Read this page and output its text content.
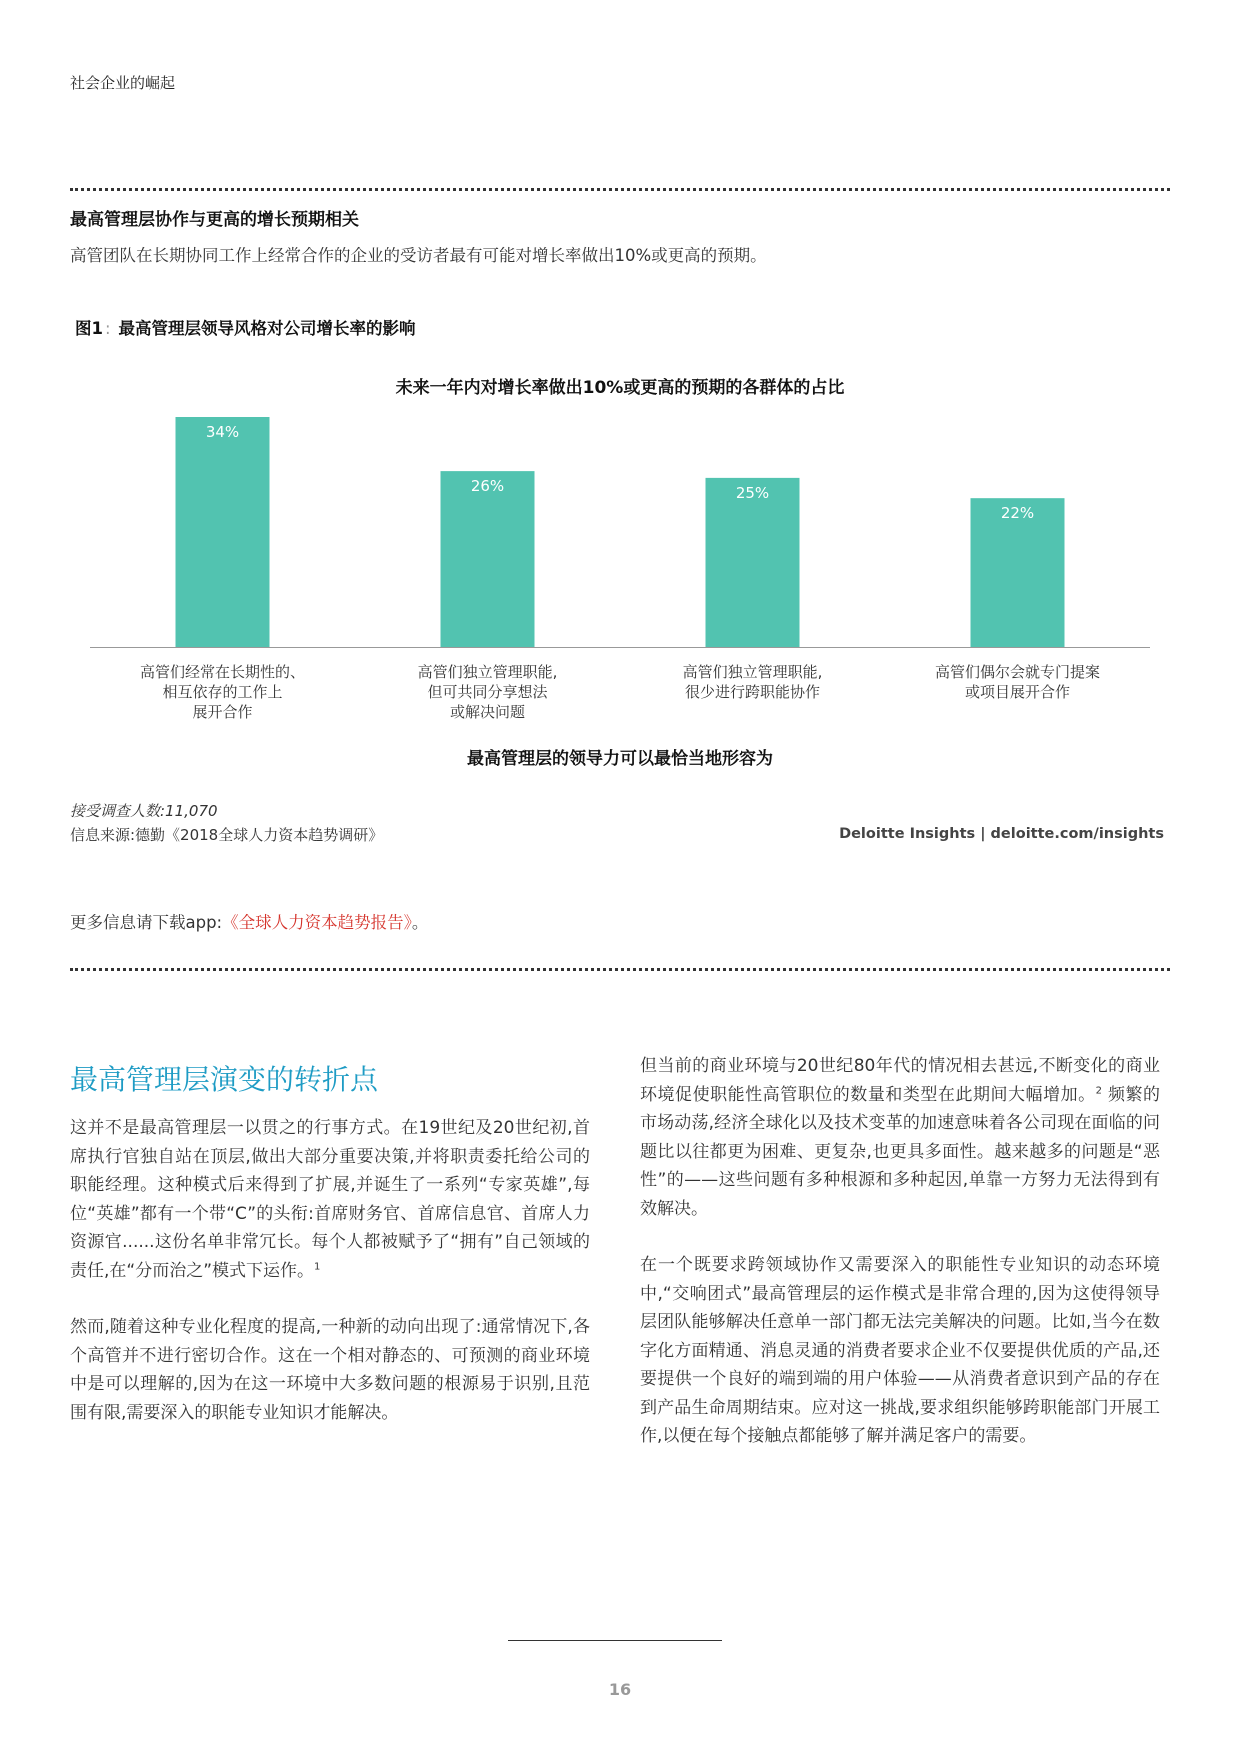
社会企业的崛起
最高管理层协作与更高的增长预期相关
高管团队在长期协同工作上经常合作的企业的受访者最有可能对增长率做出10%或更高的预期。
图1 : 最高管理层领导风格对公司增长率的影响
未来一年内对增长率做出10%或更高的预期的各群体的占比
34%
高管们经常在长期性的、相互依存的工作上展开合作
26%
高管们独立管理职能,但可共同分享想法或解决问题
25%
高管们独立管理职能,很少进行跨职能协作
22%
高管们偶尔会就专门提案或项目展开合作
最高管理层的领导力可以最恰当地形容为
接受调查人数:11,070
信息来源:德勤《2018全球人力资本趋势调研》	Deloitte Insights | deloitte.com/insights
更多信息请下载app:《全球人力资本趋势报告》。
最高管理层演变的转折点

这并不是最高管理层一以贯之的行事方式。在19世纪及20世纪初,首席执行官独自站在顶层,做出大部分重要决策,并将职责委托给公司的职能经理。这种模式后来得到了扩展,并诞生了一系列“专家英雄”,每位“英雄”都有一个带“C”的头衔:首席财务官、首席信息官、首席人力资源官......这份名单非常冗长。每个人都被赋予了“拥有”自己领域的责任,在“分而治之”模式下运作。$^1$

然而,随着这种专业化程度的提高,一种新的动向出现了:通常情况下,各个高管并不进行密切合作。这在一个相对静态的、可预测的商业环境中是可以理解的,因为在这一环境中大多数问题的根源易于识别,且范围有限,需要深入的职能专业知识才能解决。

但当前的商业环境与20世纪80年代的情况相去甚远,不断变化的商业环境促使职能性高管职位的数量和类型在此期间大幅增加。$^2$ 频繁的市场动荡,经济全球化以及技术变革的加速意味着各公司现在面临的问题比以往都更为困难、更复杂,也更具多面性。越来越多的问题是“恶性”的——这些问题有多种根源和多种起因,单靠一方努力无法得到有效解决。

在一个既要求跨领域协作又需要深入的职能性专业知识的动态环境中,“交响团式”最高管理层的运作模式是非常合理的,因为这使得领导层团队能够解决任意单一部门都无法完美解决的问题。比如,当今在数字化方面精通、消息灵通的消费者要求企业不仅要提供优质的产品,还要提供一个良好的端到端的用户体验——从消费者意识到产品的存在到产品生命周期结束。应对这一挑战,要求组织能够跨职能部门开展工作,以便在每个接触点都能够了解并满足客户的需要。

16
